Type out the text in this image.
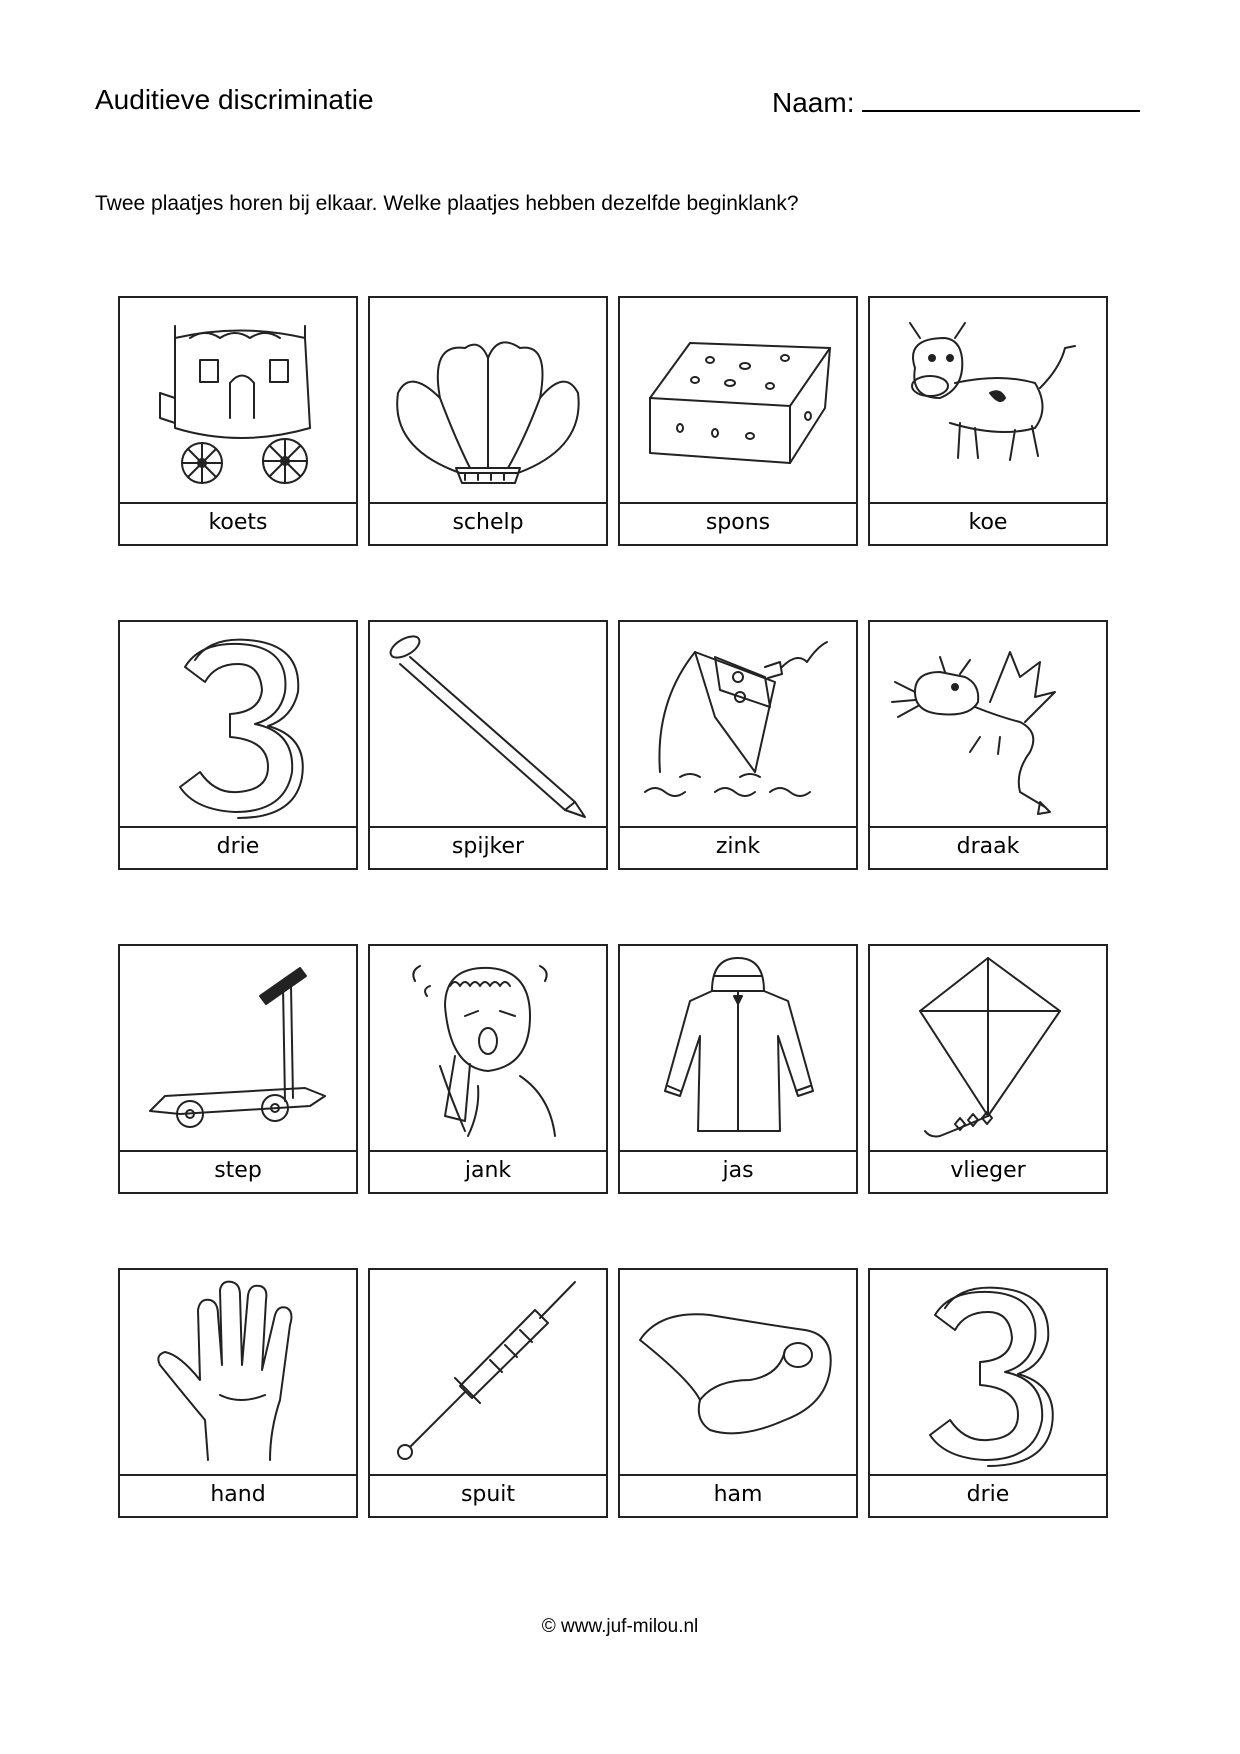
Auditieve discriminatie	Naam:
Twee plaatjes horen bij elkaar. Welke plaatjes hebben dezelfde beginklank?
koets	schelp	spons	koe
drie	spijker	zink	draak
step	jank	jas	vlieger
hand	spuit	ham	drie
© www.juf-milou.nl
